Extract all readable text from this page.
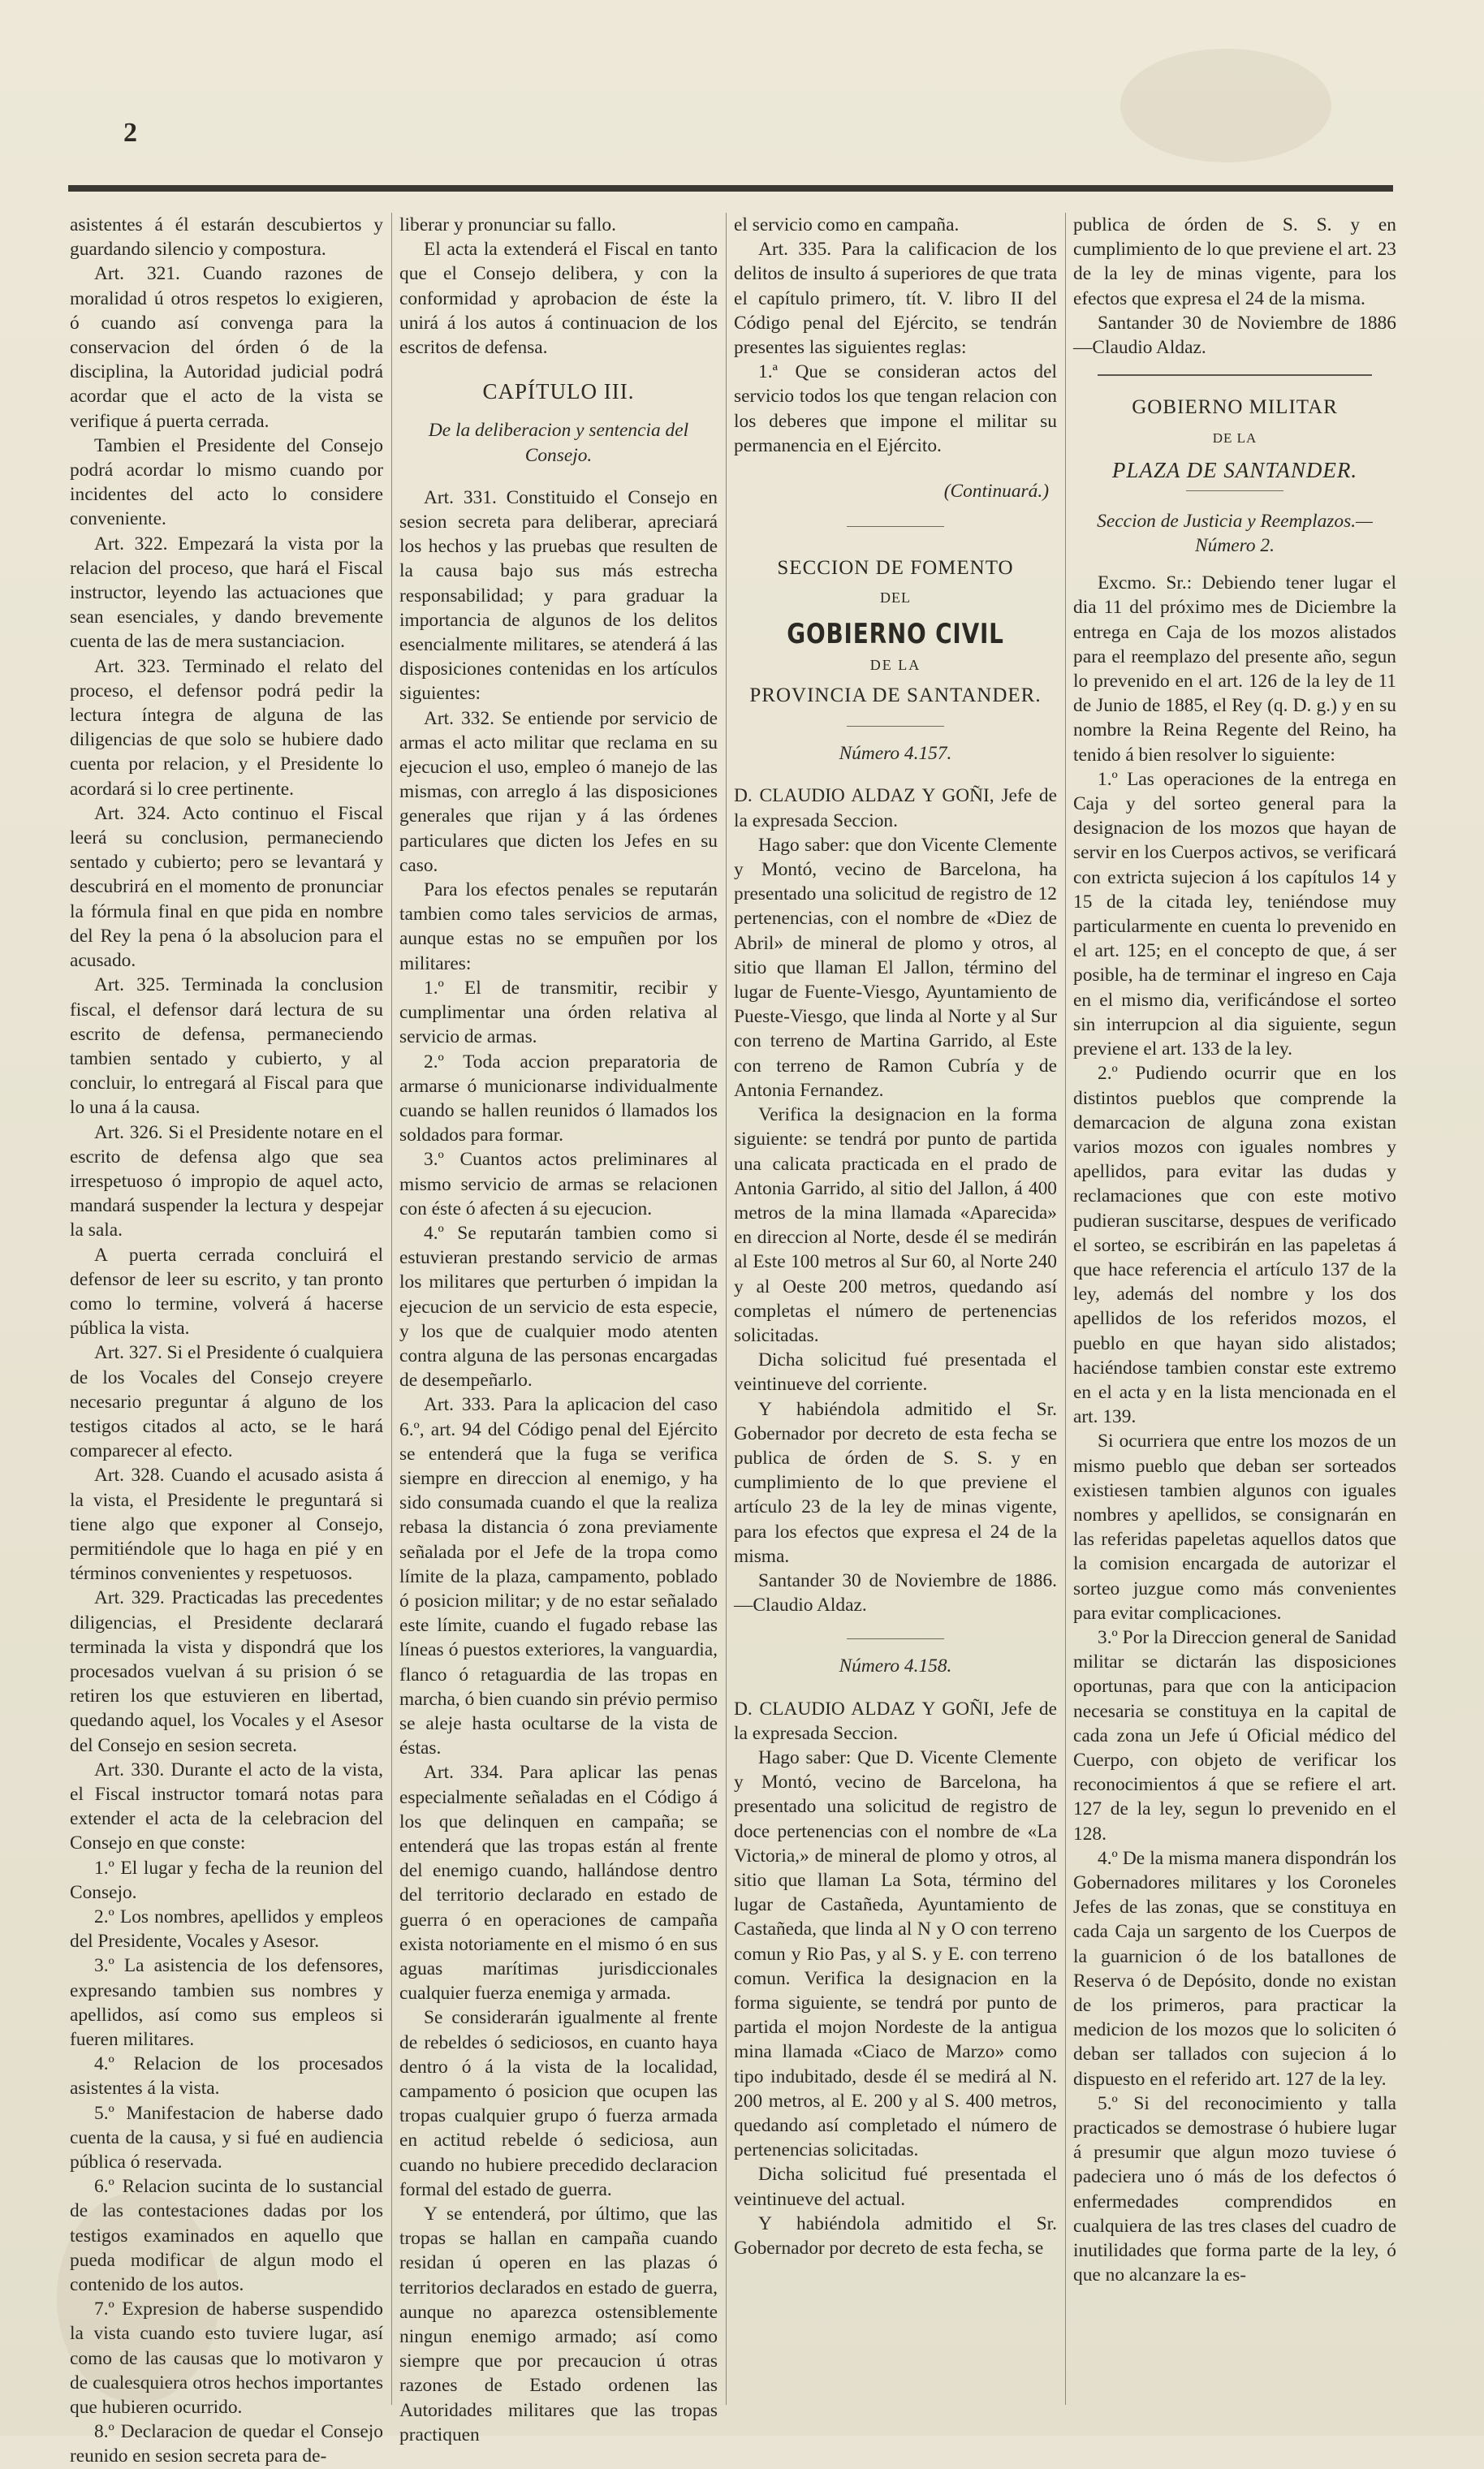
2

asistentes á él estarán descubiertos y guardando silencio y compostura.

Art. 321. Cuando razones de moralidad ú otros respetos lo exigieren, ó cuando así convenga para la conservacion del órden ó de la disciplina, la Autoridad judicial podrá acordar que el acto de la vista se verifique á puerta cerrada.

Tambien el Presidente del Consejo podrá acordar lo mismo cuando por incidentes del acto lo considere conveniente.

Art. 322. Empezará la vista por la relacion del proceso, que hará el Fiscal instructor, leyendo las actuaciones que sean esenciales, y dando brevemente cuenta de las de mera sustanciacion.

Art. 323. Terminado el relato del proceso, el defensor podrá pedir la lectura íntegra de alguna de las diligencias de que solo se hubiere dado cuenta por relacion, y el Presidente lo acordará si lo cree pertinente.

Art. 324. Acto continuo el Fiscal leerá su conclusion, permaneciendo sentado y cubierto; pero se levantará y descubrirá en el momento de pronunciar la fórmula final en que pida en nombre del Rey la pena ó la absolucion para el acusado.

Art. 325. Terminada la conclusion fiscal, el defensor dará lectura de su escrito de defensa, permaneciendo tambien sentado y cubierto, y al concluir, lo entregará al Fiscal para que lo una á la causa.

Art. 326. Si el Presidente notare en el escrito de defensa algo que sea irrespetuoso ó impropio de aquel acto, mandará suspender la lectura y despejar la sala.

A puerta cerrada concluirá el defensor de leer su escrito, y tan pronto como lo termine, volverá á hacerse pública la vista.

Art. 327. Si el Presidente ó cualquiera de los Vocales del Consejo creyere necesario preguntar á alguno de los testigos citados al acto, se le hará comparecer al efecto.

Art. 328. Cuando el acusado asista á la vista, el Presidente le preguntará si tiene algo que exponer al Consejo, permitiéndole que lo haga en pié y en términos convenientes y respetuosos.

Art. 329. Practicadas las precedentes diligencias, el Presidente declarará terminada la vista y dispondrá que los procesados vuelvan á su prision ó se retiren los que estuvieren en libertad, quedando aquel, los Vocales y el Asesor del Consejo en sesion secreta.

Art. 330. Durante el acto de la vista, el Fiscal instructor tomará notas para extender el acta de la celebracion del Consejo en que conste:

1.º El lugar y fecha de la reunion del Consejo.

2.º Los nombres, apellidos y empleos del Presidente, Vocales y Asesor.

3.º La asistencia de los defensores, expresando tambien sus nombres y apellidos, así como sus empleos si fueren militares.

4.º Relacion de los procesados asistentes á la vista.

5.º Manifestacion de haberse dado cuenta de la causa, y si fué en audiencia pública ó reservada.

6.º Relacion sucinta de lo sustancial de las contestaciones dadas por los testigos examinados en aquello que pueda modificar de algun modo el contenido de los autos.

7.º Expresion de haberse suspendido la vista cuando esto tuviere lugar, así como de las causas que lo motivaron y de cualesquiera otros hechos importantes que hubieren ocurrido.

8.º Declaracion de quedar el Consejo reunido en sesion secreta para de-

liberar y pronunciar su fallo.

El acta la extenderá el Fiscal en tanto que el Consejo delibera, y con la conformidad y aprobacion de éste la unirá á los autos á continuacion de los escritos de defensa.

CAPÍTULO III.
De la deliberacion y sentencia del Consejo.

Art. 331. Constituido el Consejo en sesion secreta para deliberar, apreciará los hechos y las pruebas que resulten de la causa bajo sus más estrecha responsabilidad; y para graduar la importancia de algunos de los delitos esencialmente militares, se atenderá á las disposiciones contenidas en los artículos siguientes:

Art. 332. Se entiende por servicio de armas el acto militar que reclama en su ejecucion el uso, empleo ó manejo de las mismas, con arreglo á las disposiciones generales que rijan y á las órdenes particulares que dicten los Jefes en su caso.

Para los efectos penales se reputarán tambien como tales servicios de armas, aunque estas no se empuñen por los militares:

1.º El de transmitir, recibir y cumplimentar una órden relativa al servicio de armas.

2.º Toda accion preparatoria de armarse ó municionarse individualmente cuando se hallen reunidos ó llamados los soldados para formar.

3.º Cuantos actos preliminares al mismo servicio de armas se relacionen con éste ó afecten á su ejecucion.

4.º Se reputarán tambien como si estuvieran prestando servicio de armas los militares que perturben ó impidan la ejecucion de un servicio de esta especie, y los que de cualquier modo atenten contra alguna de las personas encargadas de desempeñarlo.

Art. 333. Para la aplicacion del caso 6.º, art. 94 del Código penal del Ejército se entenderá que la fuga se verifica siempre en direccion al enemigo, y ha sido consumada cuando el que la realiza rebasa la distancia ó zona previamente señalada por el Jefe de la tropa como límite de la plaza, campamento, poblado ó posicion militar; y de no estar señalado este límite, cuando el fugado rebase las líneas ó puestos exteriores, la vanguardia, flanco ó retaguardia de las tropas en marcha, ó bien cuando sin prévio permiso se aleje hasta ocultarse de la vista de éstas.

Art. 334. Para aplicar las penas especialmente señaladas en el Código á los que delinquen en campaña; se entenderá que las tropas están al frente del enemigo cuando, hallándose dentro del territorio declarado en estado de guerra ó en operaciones de campaña exista notoriamente en el mismo ó en sus aguas marítimas jurisdiccionales cualquier fuerza enemiga y armada.

Se considerarán igualmente al frente de rebeldes ó sediciosos, en cuanto haya dentro ó á la vista de la localidad, campamento ó posicion que ocupen las tropas cualquier grupo ó fuerza armada en actitud rebelde ó sediciosa, aun cuando no hubiere precedido declaracion formal del estado de guerra.

Y se entenderá, por último, que las tropas se hallan en campaña cuando residan ú operen en las plazas ó territorios declarados en estado de guerra, aunque no aparezca ostensiblemente ningun enemigo armado; así como siempre que por precaucion ú otras razones de Estado ordenen las Autoridades militares que las tropas practiquen

el servicio como en campaña.

Art. 335. Para la calificacion de los delitos de insulto á superiores de que trata el capítulo primero, tít. V. libro II del Código penal del Ejército, se tendrán presentes las siguientes reglas:

1.ª Que se consideran actos del servicio todos los que tengan relacion con los deberes que impone el militar su permanencia en el Ejército.

(Continuará.)
SECCION DE FOMENTO
DEL
GOBIERNO CIVIL
DE LA
PROVINCIA DE SANTANDER.
Número 4.157.

D. CLAUDIO ALDAZ Y GOÑI, Jefe de la expresada Seccion.

Hago saber: que don Vicente Clemente y Montó, vecino de Barcelona, ha presentado una solicitud de registro de 12 pertenencias, con el nombre de «Diez de Abril» de mineral de plomo y otros, al sitio que llaman El Jallon, término del lugar de Fuente-Viesgo, Ayuntamiento de Pueste-Viesgo, que linda al Norte y al Sur con terreno de Martina Garrido, al Este con terreno de Ramon Cubría y de Antonia Fernandez.

Verifica la designacion en la forma siguiente: se tendrá por punto de partida una calicata practicada en el prado de Antonia Garrido, al sitio del Jallon, á 400 metros de la mina llamada «Aparecida» en direccion al Norte, desde él se medirán al Este 100 metros al Sur 60, al Norte 240 y al Oeste 200 metros, quedando así completas el número de pertenencias solicitadas.

Dicha solicitud fué presentada el veintinueve del corriente.

Y habiéndola admitido el Sr. Gobernador por decreto de esta fecha se publica de órden de S. S. y en cumplimiento de lo que previene el artículo 23 de la ley de minas vigente, para los efectos que expresa el 24 de la misma.

Santander 30 de Noviembre de 1886. —Claudio Aldaz.

Número 4.158.

D. CLAUDIO ALDAZ Y GOÑI, Jefe de la expresada Seccion.

Hago saber: Que D. Vicente Clemente y Montó, vecino de Barcelona, ha presentado una solicitud de registro de doce pertenencias con el nombre de «La Victoria,» de mineral de plomo y otros, al sitio que llaman La Sota, término del lugar de Castañeda, Ayuntamiento de Castañeda, que linda al N y O con terreno comun y Rio Pas, y al S. y E. con terreno comun. Verifica la designacion en la forma siguiente, se tendrá por punto de partida el mojon Nordeste de la antigua mina llamada «Ciaco de Marzo» como tipo indubitado, desde él se medirá al N. 200 metros, al E. 200 y al S. 400 metros, quedando así completado el número de pertenencias solicitadas.

Dicha solicitud fué presentada el veintinueve del actual.

Y habiéndola admitido el Sr. Gobernador por decreto de esta fecha, se

publica de órden de S. S. y en cumplimiento de lo que previene el art. 23 de la ley de minas vigente, para los efectos que expresa el 24 de la misma.

Santander 30 de Noviembre de 1886 —Claudio Aldaz.

GOBIERNO MILITAR
DE LA
PLAZA DE SANTANDER.
Seccion de Justicia y Reemplazos.—
Número 2.

Excmo. Sr.: Debiendo tener lugar el dia 11 del próximo mes de Diciembre la entrega en Caja de los mozos alistados para el reemplazo del presente año, segun lo prevenido en el art. 126 de la ley de 11 de Junio de 1885, el Rey (q. D. g.) y en su nombre la Reina Regente del Reino, ha tenido á bien resolver lo siguiente:

1.º Las operaciones de la entrega en Caja y del sorteo general para la designacion de los mozos que hayan de servir en los Cuerpos activos, se verificará con extricta sujecion á los capítulos 14 y 15 de la citada ley, teniéndose muy particularmente en cuenta lo prevenido en el art. 125; en el concepto de que, á ser posible, ha de terminar el ingreso en Caja en el mismo dia, verificándose el sorteo sin interrupcion al dia siguiente, segun previene el art. 133 de la ley.

2.º Pudiendo ocurrir que en los distintos pueblos que comprende la demarcacion de alguna zona existan varios mozos con iguales nombres y apellidos, para evitar las dudas y reclamaciones que con este motivo pudieran suscitarse, despues de verificado el sorteo, se escribirán en las papeletas á que hace referencia el artículo 137 de la ley, además del nombre y los dos apellidos de los referidos mozos, el pueblo en que hayan sido alistados; haciéndose tambien constar este extremo en el acta y en la lista mencionada en el art. 139.

Si ocurriera que entre los mozos de un mismo pueblo que deban ser sorteados existiesen tambien algunos con iguales nombres y apellidos, se consignarán en las referidas papeletas aquellos datos que la comision encargada de autorizar el sorteo juzgue como más convenientes para evitar complicaciones.

3.º Por la Direccion general de Sanidad militar se dictarán las disposiciones oportunas, para que con la anticipacion necesaria se constituya en la capital de cada zona un Jefe ú Oficial médico del Cuerpo, con objeto de verificar los reconocimientos á que se refiere el art. 127 de la ley, segun lo prevenido en el 128.

4.º De la misma manera dispondrán los Gobernadores militares y los Coroneles Jefes de las zonas, que se constituya en cada Caja un sargento de los Cuerpos de la guarnicion ó de los batallones de Reserva ó de Depósito, donde no existan de los primeros, para practicar la medicion de los mozos que lo soliciten ó deban ser tallados con sujecion á lo dispuesto en el referido art. 127 de la ley.

5.º Si del reconocimiento y talla practicados se demostrase ó hubiere lugar á presumir que algun mozo tuviese ó padeciera uno ó más de los defectos ó enfermedades comprendidos en cualquiera de las tres clases del cuadro de inutilidades que forma parte de la ley, ó que no alcanzare la es-
